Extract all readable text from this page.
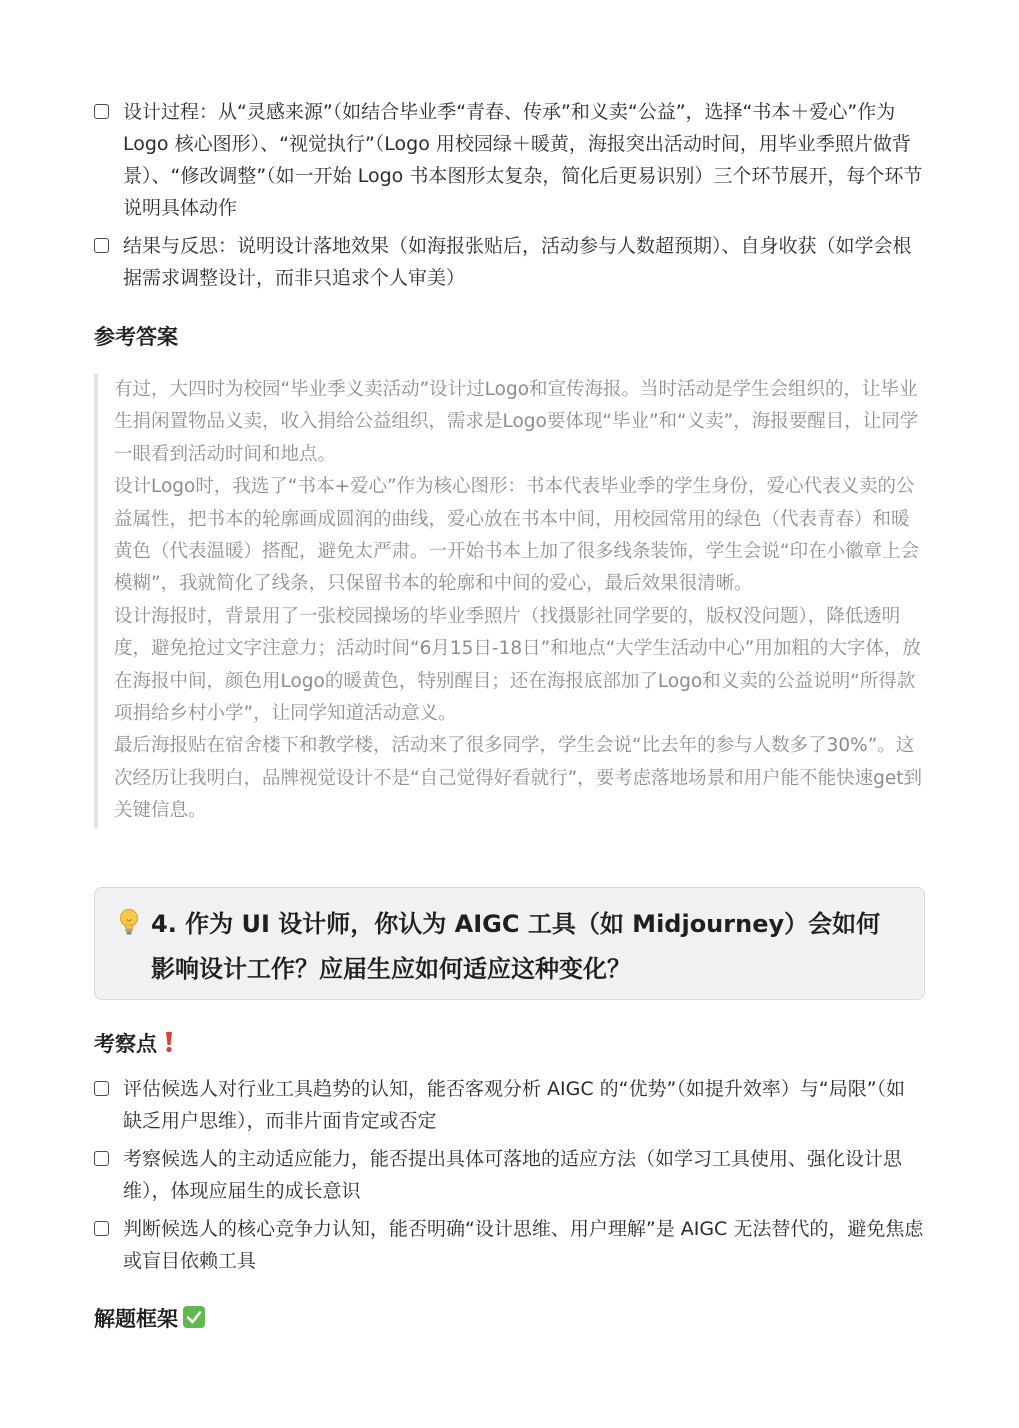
设计过程：从“灵感来源”（如结合毕业季“青春、传承”和义卖“公益”，选择“书本＋爱心”作为 Logo 核心图形）、“视觉执行”（Logo 用校园绿＋暖黄，海报突出活动时间，用毕业季照片做背景）、“修改调整”（如一开始 Logo 书本图形太复杂，简化后更易识别）三个环节展开，每个环节说明具体动作
结果与反思：说明设计落地效果（如海报张贴后，活动参与人数超预期）、自身收获（如学会根据需求调整设计，而非只追求个人审美）
参考答案

有过，大四时为校园“毕业季义卖活动”设计过Logo和宣传海报。当时活动是学生会组织的，让毕业生捐闲置物品义卖，收入捐给公益组织，需求是Logo要体现“毕业”和“义卖”，海报要醒目，让同学一眼看到活动时间和地点。

设计Logo时，我选了“书本+爱心”作为核心图形：书本代表毕业季的学生身份，爱心代表义卖的公益属性，把书本的轮廓画成圆润的曲线，爱心放在书本中间，用校园常用的绿色（代表青春）和暖黄色（代表温暖）搭配，避免太严肃。一开始书本上加了很多线条装饰，学生会说“印在小徽章上会模糊”，我就简化了线条，只保留书本的轮廓和中间的爱心，最后效果很清晰。

设计海报时，背景用了一张校园操场的毕业季照片（找摄影社同学要的，版权没问题），降低透明度，避免抢过文字注意力；活动时间“6月15日-18日”和地点“大学生活动中心”用加粗的大字体，放在海报中间，颜色用Logo的暖黄色，特别醒目；还在海报底部加了Logo和义卖的公益说明“所得款项捐给乡村小学”，让同学知道活动意义。

最后海报贴在宿舍楼下和教学楼，活动来了很多同学，学生会说“比去年的参与人数多了30%”。这次经历让我明白，品牌视觉设计不是“自己觉得好看就行”，要考虑落地场景和用户能不能快速get到关键信息。

4. 作为 UI 设计师，你认为 AIGC 工具（如 Midjourney）会如何影响设计工作？应届生应如何适应这种变化？
考察点
评估候选人对行业工具趋势的认知，能否客观分析 AIGC 的“优势”（如提升效率）与“局限”（如缺乏用户思维），而非片面肯定或否定
考察候选人的主动适应能力，能否提出具体可落地的适应方法（如学习工具使用、强化设计思维），体现应届生的成长意识
判断候选人的核心竞争力认知，能否明确“设计思维、用户理解”是 AIGC 无法替代的，避免焦虑或盲目依赖工具
解题框架
